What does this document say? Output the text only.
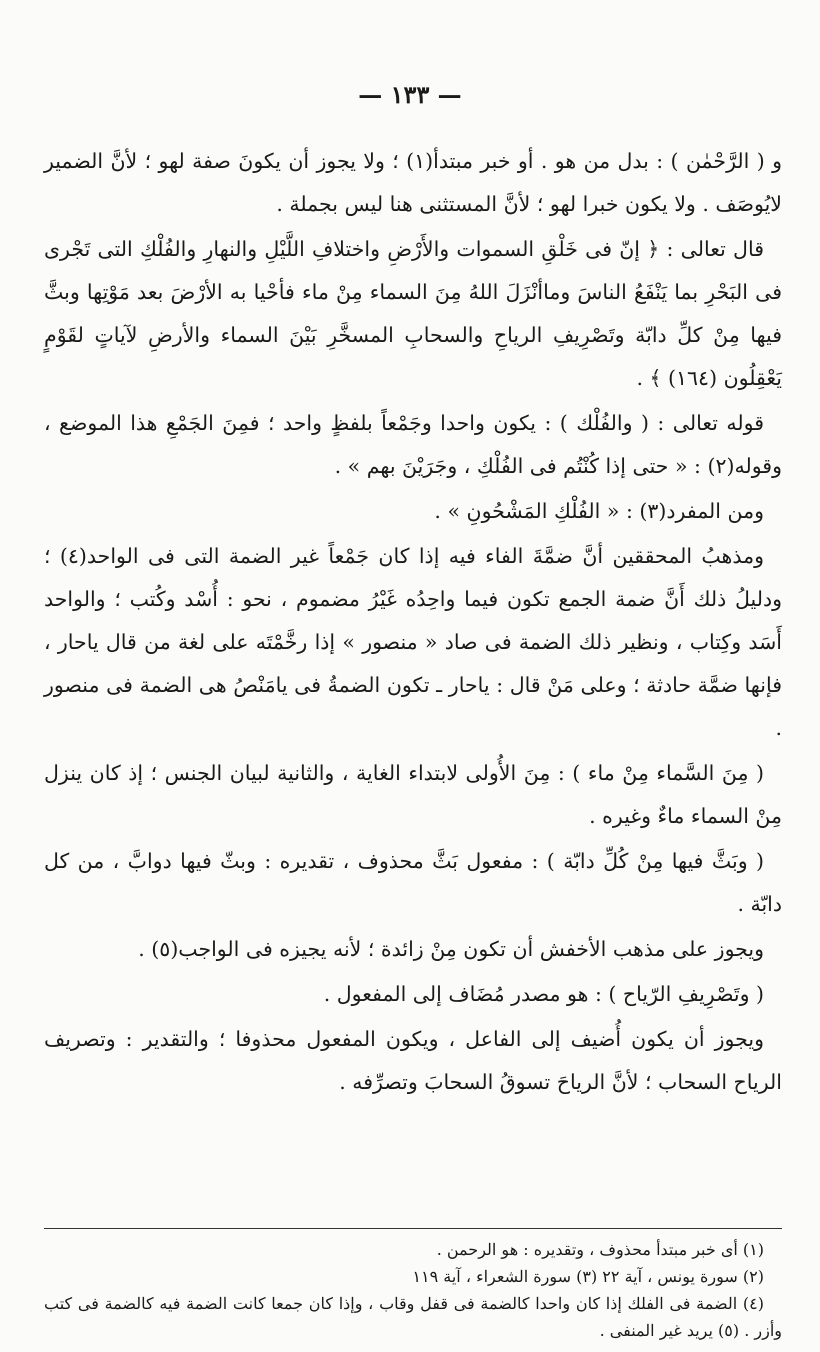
— ١٣٣ —

و ( الرَّحْمٰن ) : بدل من هو . أو خبر مبتدأ(١) ؛ ولا يجوز أن يكونَ صفة لهو ؛ لأنَّ الضمير لايُوصَف . ولا يكون خبرا لهو ؛ لأنَّ المستثنى هنا ليس بجملة .

قال تعالى : ﴿ إنّ فى خَلْقِ السموات والأَرْضِ واختلافِ اللَّيْلِ والنهارِ والفُلْكِ التى تَجْرى فى البَحْرِ بما يَنْفَعُ الناسَ وماأنْزَلَ اللهُ مِنَ السماء مِنْ ماء فأحْيا به الأرْضَ بعد مَوْتِها وبثَّ فيها مِنْ كلِّ دابّة وتَصْرِيفِ الرياحِ والسحابِ المسخَّرِ بَيْنَ السماء والأرضِ لآياتٍ لقَوْمٍ يَعْقِلُون (١٦٤) ﴾ .

قوله تعالى : ( والفُلْك ) : يكون واحدا وجَمْعاً بلفظٍ واحد ؛ فمِنَ الجَمْعِ هذا الموضع ، وقوله(٢) : « حتى إذا كُنْتُم فى الفُلْكِ ، وجَرَيْنَ بهم » .

ومن المفرد(٣) : « الفُلْكِ المَشْحُونِ » .

ومذهبُ المحققين أنَّ ضمَّةَ الفاء فيه إذا كان جَمْعاً غير الضمة التى فى الواحد(٤) ؛ ودليلُ ذلك أَنَّ ضمة الجمع تكون فيما واحِدُه غَيْرُ مضموم ، نحو : أُسْد وكُتب ؛ والواحد أَسَد وكِتاب ، ونظير ذلك الضمة فى صاد « منصور » إذا رخَّمْتَه على لغة من قال ياحار ، فإنها ضمَّة حادثة ؛ وعلى مَنْ قال : ياحار ـ تكون الضمةُ فى يامَنْصُ هى الضمة فى منصور .

( مِنَ السَّماء مِنْ ماء ) : مِنَ الأُولى لابتداء الغاية ، والثانية لبيان الجنس ؛ إذ كان ينزل مِنْ السماء ماءٌ وغيره .

( وبَثَّ فيها مِنْ كُلِّ دابّة ) : مفعول بَثَّ محذوف ، تقديره : وبثّ فيها دوابَّ ، من كل دابّة .

ويجوز على مذهب الأخفش أن تكون مِنْ زائدة ؛ لأنه يجيزه فى الواجب(٥) .

( وتَصْرِيفِ الرّياح ) : هو مصدر مُضَاف إلى المفعول .

ويجوز أن يكون أُضيف إلى الفاعل ، ويكون المفعول محذوفا ؛ والتقدير : وتصريف الرياح السحاب ؛ لأنَّ الرياحَ تسوقُ السحابَ وتصرِّفه .

(١) أى خبر مبتدأ محذوف ، وتقديره : هو الرحمن .

(٢) سورة يونس ، آية ٢٢ (٣) سورة الشعراء ، آية ١١٩

(٤) الضمة فى الفلك إذا كان واحدا كالضمة فى قفل وقاب ، وإذا كان جمعا كانت الضمة فيه كالضمة فى كتب وأزر . (٥) يريد غير المنفى .
